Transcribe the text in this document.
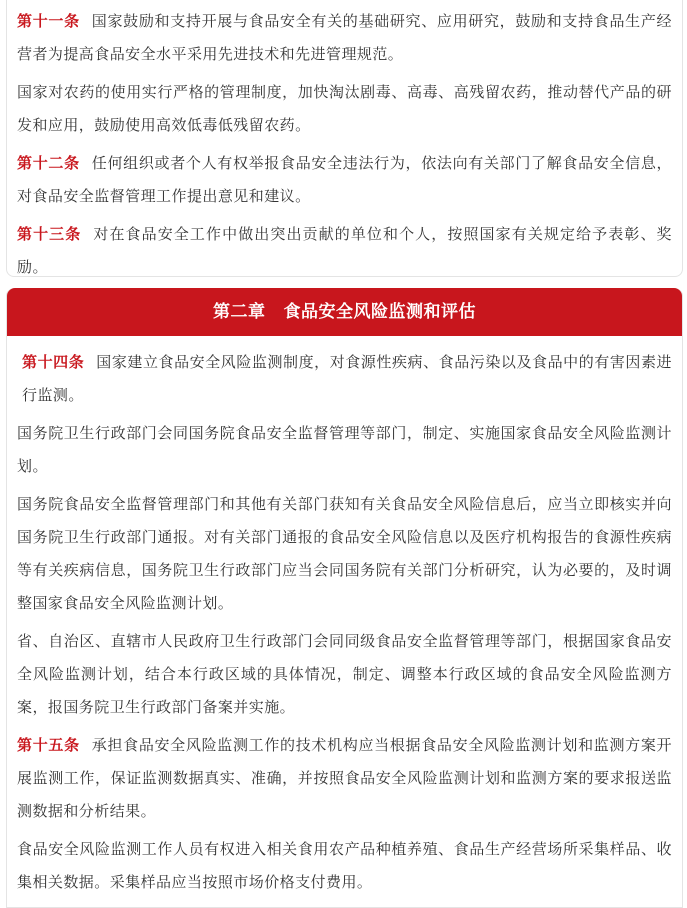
第十一条 国家鼓励和支持开展与食品安全有关的基础研究、应用研究，鼓励和支持食品生产经营者为提高食品安全水平采用先进技术和先进管理规范。

国家对农药的使用实行严格的管理制度，加快淘汰剧毒、高毒、高残留农药，推动替代产品的研发和应用，鼓励使用高效低毒低残留农药。

第十二条 任何组织或者个人有权举报食品安全违法行为，依法向有关部门了解食品安全信息，对食品安全监督管理工作提出意见和建议。

第十三条 对在食品安全工作中做出突出贡献的单位和个人，按照国家有关规定给予表彰、奖励。

第二章 食品安全风险监测和评估

第十四条 国家建立食品安全风险监测制度，对食源性疾病、食品污染以及食品中的有害因素进行监测。

国务院卫生行政部门会同国务院食品安全监督管理等部门，制定、实施国家食品安全风险监测计划。

国务院食品安全监督管理部门和其他有关部门获知有关食品安全风险信息后，应当立即核实并向国务院卫生行政部门通报。对有关部门通报的食品安全风险信息以及医疗机构报告的食源性疾病等有关疾病信息，国务院卫生行政部门应当会同国务院有关部门分析研究，认为必要的，及时调整国家食品安全风险监测计划。

省、自治区、直辖市人民政府卫生行政部门会同同级食品安全监督管理等部门，根据国家食品安全风险监测计划，结合本行政区域的具体情况，制定、调整本行政区域的食品安全风险监测方案，报国务院卫生行政部门备案并实施。

第十五条 承担食品安全风险监测工作的技术机构应当根据食品安全风险监测计划和监测方案开展监测工作，保证监测数据真实、准确，并按照食品安全风险监测计划和监测方案的要求报送监测数据和分析结果。

食品安全风险监测工作人员有权进入相关食用农产品种植养殖、食品生产经营场所采集样品、收集相关数据。采集样品应当按照市场价格支付费用。
